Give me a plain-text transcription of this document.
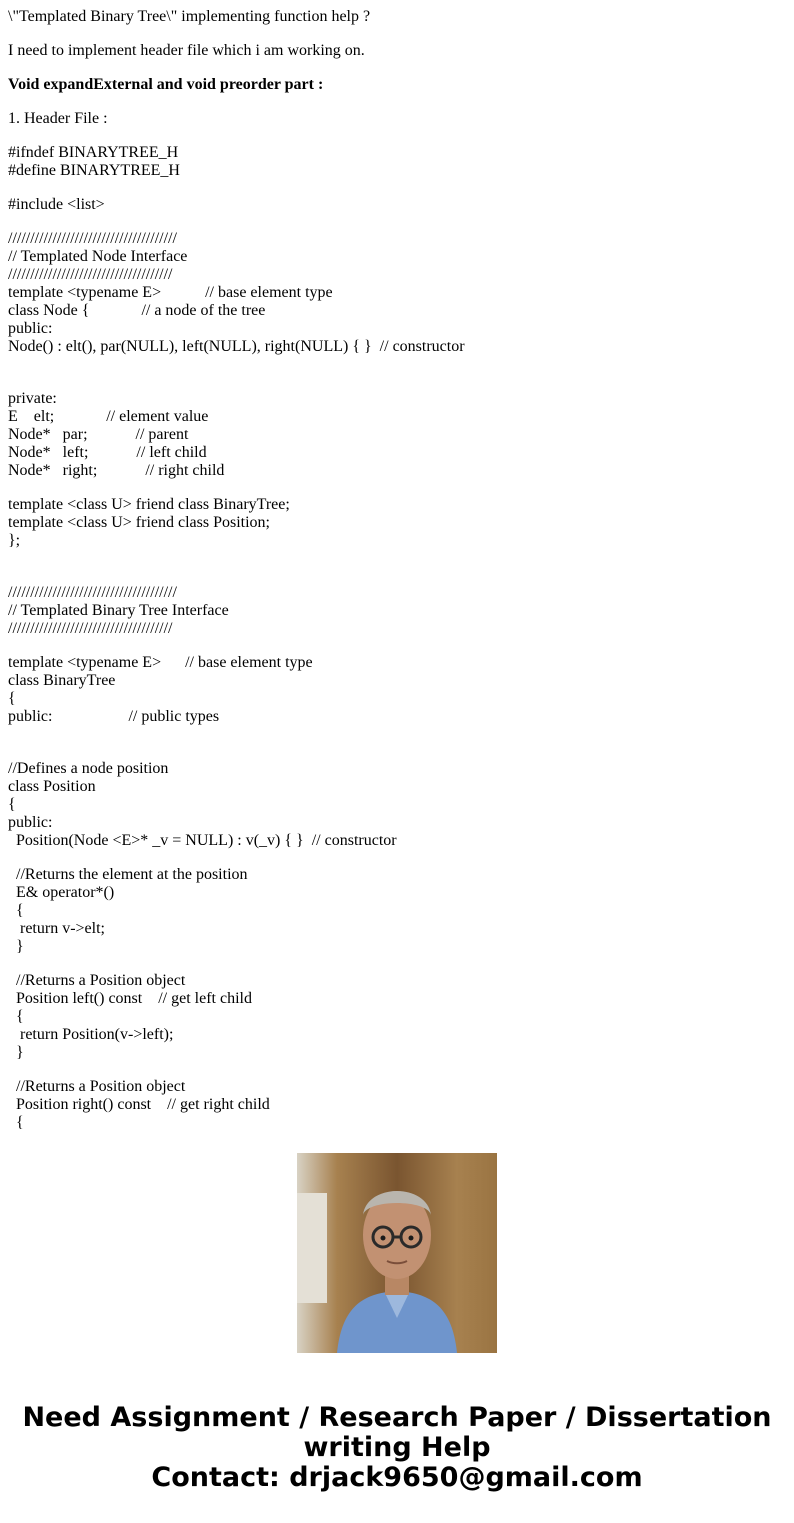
\"Templated Binary Tree\" implementing function help ?
I need to implement header file which i am working on.
Void expandExternal and void preorder part :
1. Header File :
#ifndef BINARYTREE_H
#define BINARYTREE_H
#include <list>
//////////////////////////////////////
// Templated Node Interface
/////////////////////////////////////
template <typename E>           // base element type
class Node {             // a node of the tree
public:
Node() : elt(), par(NULL), left(NULL), right(NULL) { }  // constructor
private:
E    elt;             // element value
Node*   par;            // parent
Node*   left;            // left child
Node*   right;            // right child
template <class U> friend class BinaryTree;
template <class U> friend class Position;
};
//////////////////////////////////////
// Templated Binary Tree Interface
/////////////////////////////////////
template <typename E>      // base element type
class BinaryTree
{
public:                   // public types
//Defines a node position
class Position
{
public:
Position(Node <E>* _v = NULL) : v(_v) { }  // constructor
//Returns the element at the position
E& operator*()
{
return v->elt;
}
//Returns a Position object
Position left() const    // get left child
{
return Position(v->left);
}
//Returns a Position object
Position right() const    // get right child
{
Need Assignment / Research Paper / Dissertation
writing Help
Contact: drjack9650@gmail.com
